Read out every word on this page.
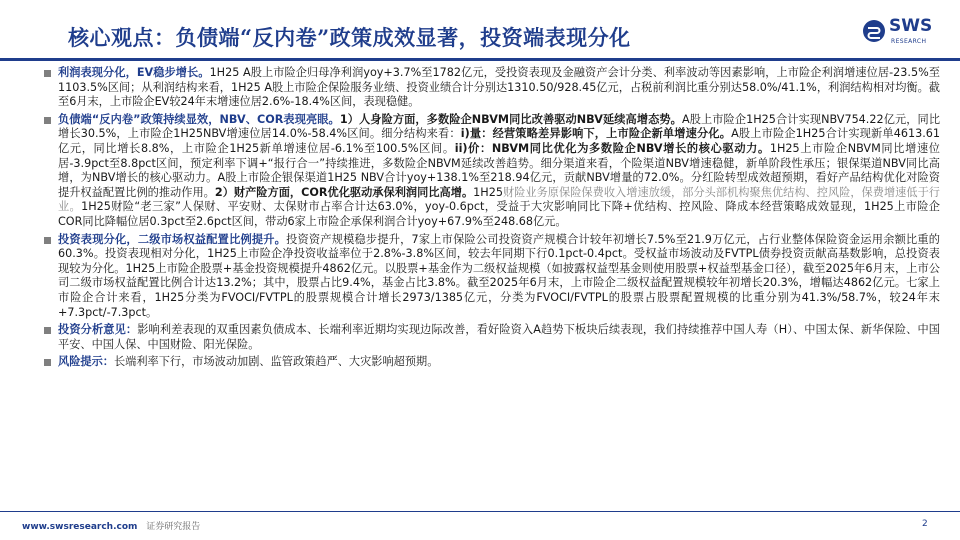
核心观点：负债端“反内卷”政策成效显著，投资端表现分化	SWS
RESEARCH
利润表现分化，EV稳步增长。1H25 A股上市险企归母净利润yoy+3.7%至1782亿元，受投资表现及金融资产会计分类、利率波动等因素影响，上市险企利润增速位居-23.5%至1103.5%区间；从利润结构来看，1H25 A股上市险企保险服务业绩、投资业绩合计分别达1310.50/928.45亿元，占税前利润比重分别达58.0%/41.1%，利润结构相对均衡。截至6月末，上市险企EV较24年末增速位居2.6%-18.4%区间，表现稳健。
负债端“反内卷”政策持续显效，NBV、COR表现亮眼。1）人身险方面，多数险企NBVM同比改善驱动NBV延续高增态势。A股上市险企1H25合计实现NBV754.22亿元，同比增长30.5%，上市险企1H25NBV增速位居14.0%-58.4%区间。细分结构来看：i)量：经营策略差异影响下，上市险企新单增速分化。A股上市险企1H25合计实现新单4613.61亿元，同比增长8.8%，上市险企1H25新单增速位居-6.1%至100.5%区间。ii)价：NBVM同比优化为多数险企NBV增长的核心驱动力。1H25上市险企NBVM同比增速位居-3.9pct至8.8pct区间，预定利率下调+“报行合一”持续推进，多数险企NBVM延续改善趋势。细分渠道来看，个险渠道NBV增速稳健，新单阶段性承压；银保渠道NBV同比高增，为NBV增长的核心驱动力。A股上市险企银保渠道1H25 NBV合计yoy+138.1%至218.94亿元，贡献NBV增量的72.0%。分红险转型成效超预期，看好产品结构优化对险资提升权益配置比例的推动作用。2）财产险方面，COR优化驱动承保利润同比高增。1H25财险业务原保险保费收入增速放缓，部分头部机构聚焦优结构、控风险，保费增速低于行业。1H25财险“老三家”人保财、平安财、太保财市占率合计达63.0%，yoy-0.6pct，受益于大灾影响同比下降+优结构、控风险、降成本经营策略成效显现，1H25上市险企COR同比降幅位居0.3pct至2.6pct区间，带动6家上市险企承保利润合计yoy+67.9%至248.68亿元。
投资表现分化，二级市场权益配置比例提升。投资资产规模稳步提升，7家上市保险公司投资资产规模合计较年初增长7.5%至21.9万亿元，占行业整体保险资金运用余额比重的60.3%。投资表现相对分化，1H25上市险企净投资收益率位于2.8%-3.8%区间，较去年同期下行0.1pct-0.4pct。受权益市场波动及FVTPL债券投资贡献高基数影响，总投资表现较为分化。1H25上市险企股票+基金投资规模提升4862亿元。以股票+基金作为二级权益规模（如披露权益型基金则使用股票+权益型基金口径），截至2025年6月末，上市公司二级市场权益配置比例合计达13.2%；其中，股票占比9.4%，基金占比3.8%。截至2025年6月末，上市险企二级权益配置规模较年初增长20.3%，增幅达4862亿元。七家上市险企合计来看，1H25分类为FVOCI/FVTPL的股票规模合计增长2973/1385亿元，分类为FVOCI/FVTPL的股票占股票配置规模的比重分别为41.3%/58.7%，较24年末+7.3pct/-7.3pct。
投资分析意见：影响利差表现的双重因素负债成本、长端利率近期均实现边际改善，看好险资入A趋势下板块后续表现，我们持续推荐中国人寿（H）、中国太保、新华保险、中国平安、中国人保、中国财险、阳光保险。
风险提示：长端利率下行，市场波动加剧、监管政策趋严、大灾影响超预期。
www.swsresearch.com 证券研究报告	2
